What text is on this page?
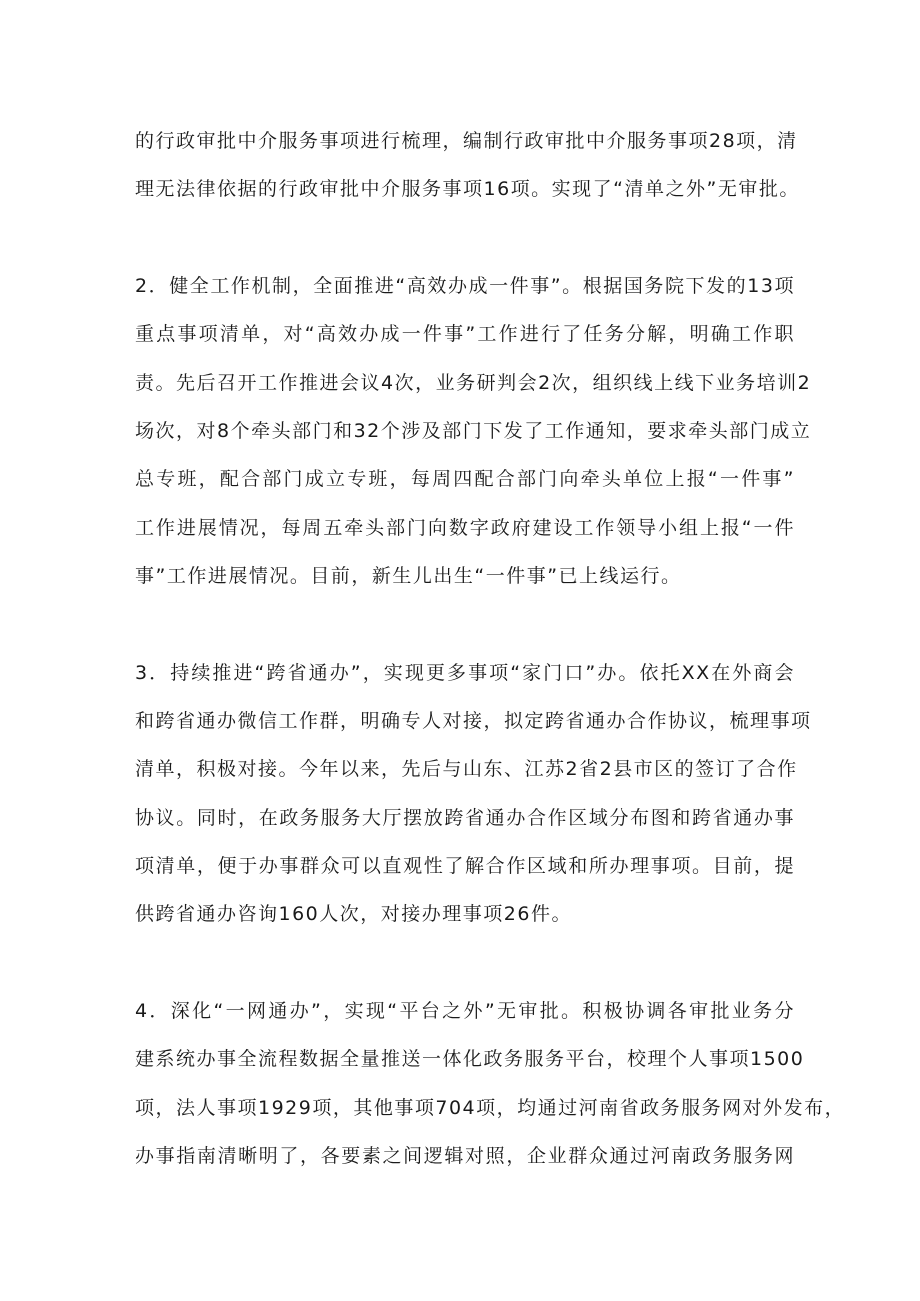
的行政审批中介服务事项进行梳理，编制行政审批中介服务事项28项，清
理无法律依据的行政审批中介服务事项16项。实现了“清单之外”无审批。
2．健全工作机制，全面推进“高效办成一件事”。根据国务院下发的13项
重点事项清单，对“高效办成一件事”工作进行了任务分解，明确工作职
责。先后召开工作推进会议4次，业务研判会2次，组织线上线下业务培训2
场次，对8个牵头部门和32个涉及部门下发了工作通知，要求牵头部门成立
总专班，配合部门成立专班，每周四配合部门向牵头单位上报“一件事”
工作进展情况，每周五牵头部门向数字政府建设工作领导小组上报“一件
事”工作进展情况。目前，新生儿出生“一件事”已上线运行。
3．持续推进“跨省通办”，实现更多事项“家门口”办。依托XX在外商会
和跨省通办微信工作群，明确专人对接，拟定跨省通办合作协议，梳理事项
清单，积极对接。今年以来，先后与山东、江苏2省2县市区的签订了合作
协议。同时，在政务服务大厅摆放跨省通办合作区域分布图和跨省通办事
项清单，便于办事群众可以直观性了解合作区域和所办理事项。目前，提
供跨省通办咨询160人次，对接办理事项26件。
4．深化“一网通办”，实现“平台之外”无审批。积极协调各审批业务分
建系统办事全流程数据全量推送一体化政务服务平台，校理个人事项1500
项，法人事项1929项，其他事项704项，均通过河南省政务服务网对外发布，
办事指南清晰明了，各要素之间逻辑对照，企业群众通过河南政务服务网
